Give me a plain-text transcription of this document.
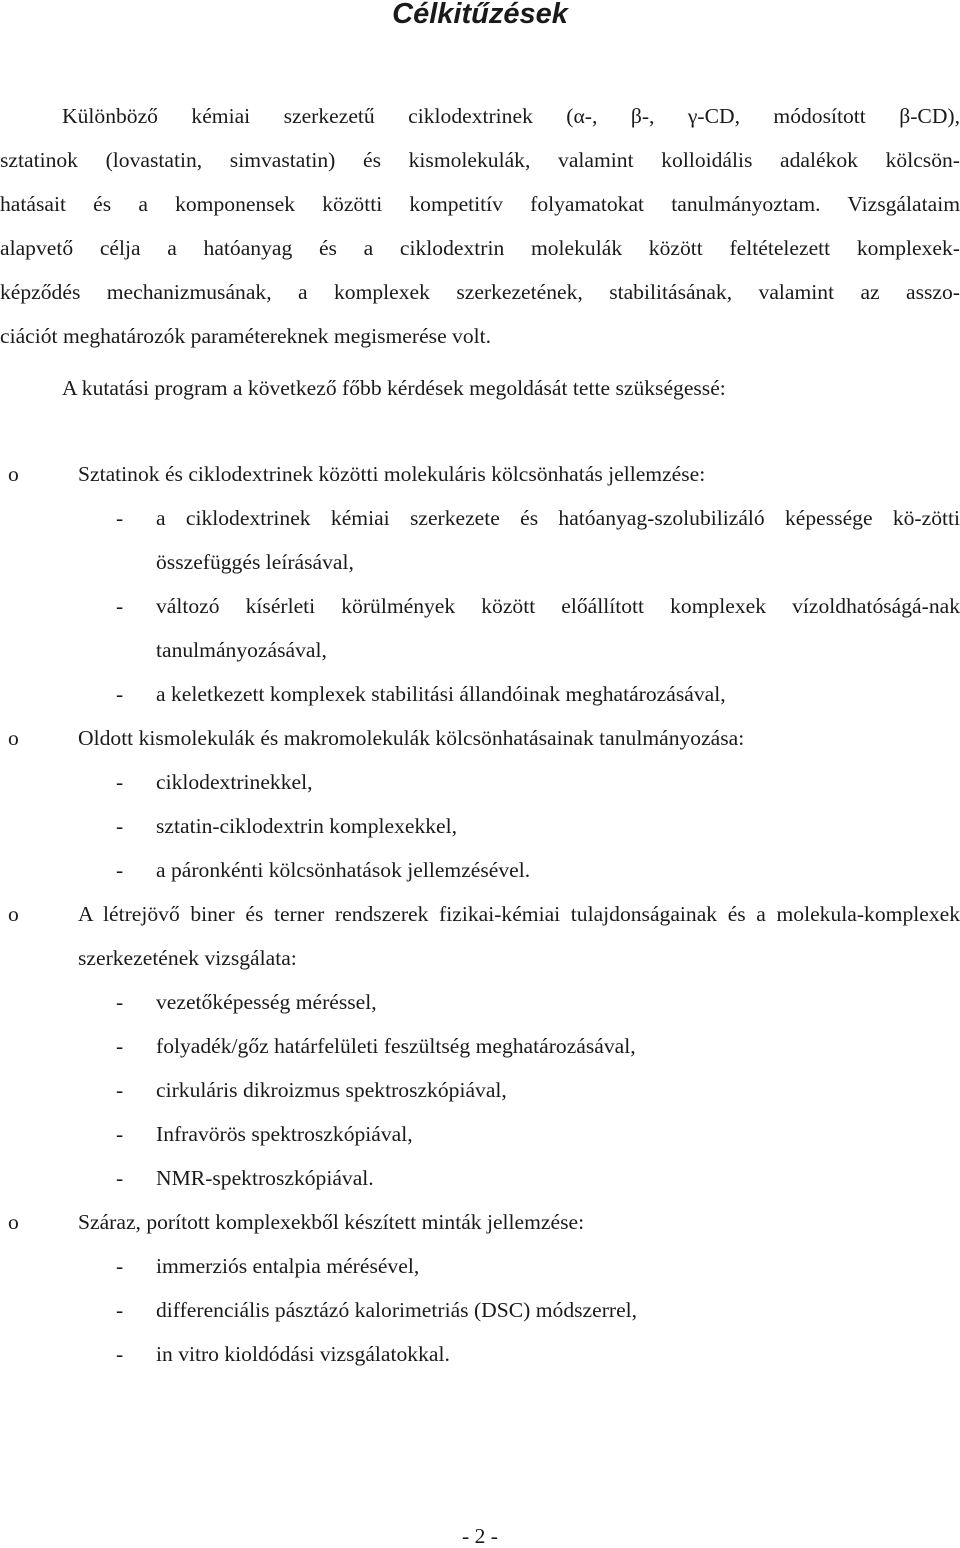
Célkitűzések

Különböző kémiai szerkezetű ciklodextrinek (α-, β-, γ-CD, módosított β-CD),
sztatinok (lovastatin, simvastatin) és kismolekulák, valamint kolloidális adalékok kölcsön-
hatásait és a komponensek közötti kompetitív folyamatokat tanulmányoztam. Vizsgálataim
alapvető célja a hatóanyag és a ciklodextrin molekulák között feltételezett komplexek-
képződés mechanizmusának, a komplexek szerkezetének, stabilitásának, valamint az asszo-
ciációt meghatározók paramétereknek megismerése volt.

A kutatási program a következő főbb kérdések megoldását tette szükségessé:

o	Sztatinok és ciklodextrinek közötti molekuláris kölcsönhatás jellemzése:
- a ciklodextrinek kémiai szerkezete és hatóanyag-szolubilizáló képessége kö-zötti összefüggés leírásával,
- változó kísérleti körülmények között előállított komplexek vízoldhatóságá-nak tanulmányozásával,
- a keletkezett komplexek stabilitási állandóinak meghatározásával,
o	Oldott kismolekulák és makromolekulák kölcsönhatásainak tanulmányozása:
- ciklodextrinekkel,
- sztatin-ciklodextrin komplexekkel,
- a páronkénti kölcsönhatások jellemzésével.
o	A létrejövő biner és terner rendszerek fizikai-kémiai tulajdonságainak és a molekula-komplexek szerkezetének vizsgálata:
- vezetőképesség méréssel,
- folyadék/gőz határfelületi feszültség meghatározásával,
- cirkuláris dikroizmus spektroszkópiával,
- Infravörös spektroszkópiával,
- NMR-spektroszkópiával.
o	Száraz, porított komplexekből készített minták jellemzése:
- immerziós entalpia mérésével,
- differenciális pásztázó kalorimetriás (DSC) módszerrel,
- in vitro kioldódási vizsgálatokkal.

- 2 -
